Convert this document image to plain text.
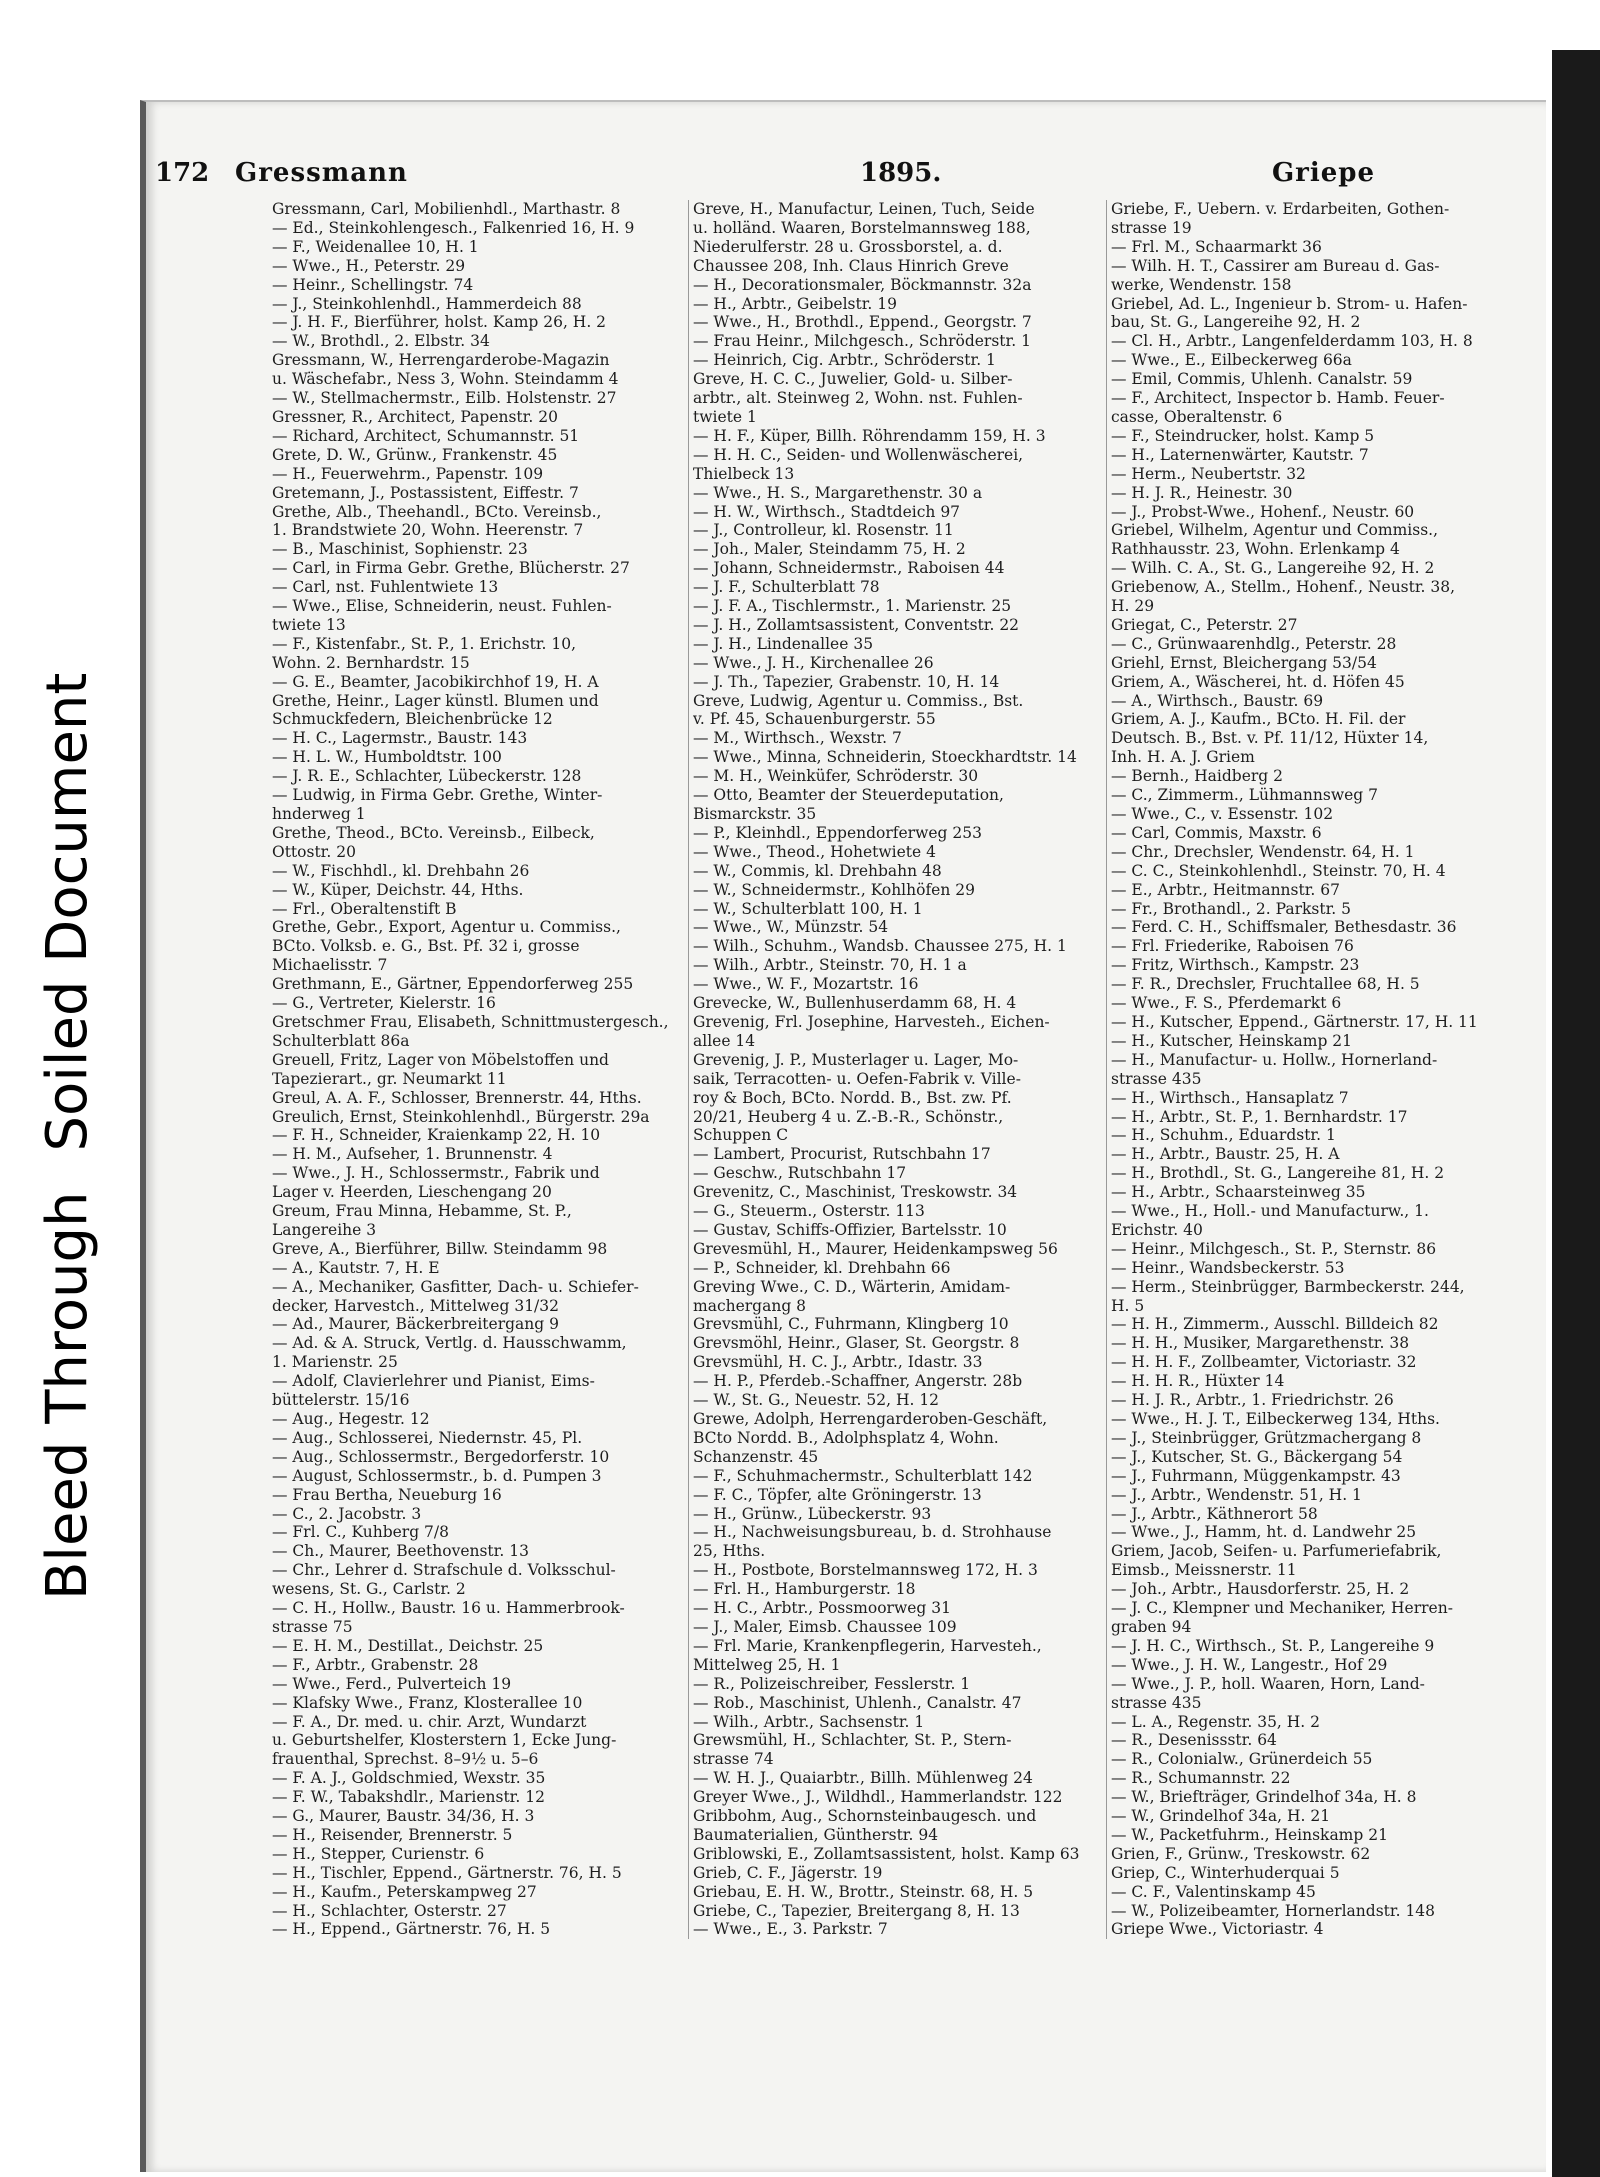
Bleed Through
Soiled Document
172 Gressmann	1895.	Griepe
Gressmann, Carl, Mobilienhdl., Marthastr. 8
— Ed., Steinkohlengesch., Falkenried 16, H. 9
— F., Weidenallee 10, H. 1
— Wwe., H., Peterstr. 29
— Heinr., Schellingstr. 74
— J., Steinkohlenhdl., Hammerdeich 88
— J. H. F., Bierführer, holst. Kamp 26, H. 2
— W., Brothdl., 2. Elbstr. 34
Gressmann, W., Herrengarderobe-Magazin
u. Wäschefabr., Ness 3, Wohn. Steindamm 4
— W., Stellmachermstr., Eilb. Holstenstr. 27
Gressner, R., Architect, Papenstr. 20
— Richard, Architect, Schumannstr. 51
Grete, D. W., Grünw., Frankenstr. 45
— H., Feuerwehrm., Papenstr. 109
Gretemann, J., Postassistent, Eiffestr. 7
Grethe, Alb., Theehandl., BCto. Vereinsb.,
1. Brandstwiete 20, Wohn. Heerenstr. 7
— B., Maschinist, Sophienstr. 23
— Carl, in Firma Gebr. Grethe, Blücherstr. 27
— Carl, nst. Fuhlentwiete 13
— Wwe., Elise, Schneiderin, neust. Fuhlen-
twiete 13
— F., Kistenfabr., St. P., 1. Erichstr. 10,
Wohn. 2. Bernhardstr. 15
— G. E., Beamter, Jacobikirchhof 19, H. A
Grethe, Heinr., Lager künstl. Blumen und
Schmuckfedern, Bleichenbrücke 12
— H. C., Lagermstr., Baustr. 143
— H. L. W., Humboldtstr. 100
— J. R. E., Schlachter, Lübeckerstr. 128
— Ludwig, in Firma Gebr. Grethe, Winter-
hnderweg 1
Grethe, Theod., BCto. Vereinsb., Eilbeck,
Ottostr. 20
— W., Fischhdl., kl. Drehbahn 26
— W., Küper, Deichstr. 44, Hths.
— Frl., Oberaltenstift B
Grethe, Gebr., Export, Agentur u. Commiss.,
BCto. Volksb. e. G., Bst. Pf. 32 i, grosse
Michaelisstr. 7
Grethmann, E., Gärtner, Eppendorferweg 255
— G., Vertreter, Kielerstr. 16
Gretschmer Frau, Elisabeth, Schnittmustergesch.,
Schulterblatt 86a
Greuell, Fritz, Lager von Möbelstoffen und
Tapezierart., gr. Neumarkt 11
Greul, A. A. F., Schlosser, Brennerstr. 44, Hths.
Greulich, Ernst, Steinkohlenhdl., Bürgerstr. 29a
— F. H., Schneider, Kraienkamp 22, H. 10
— H. M., Aufseher, 1. Brunnenstr. 4
— Wwe., J. H., Schlossermstr., Fabrik und
Lager v. Heerden, Lieschengang 20
Greum, Frau Minna, Hebamme, St. P.,
Langereihe 3
Greve, A., Bierführer, Billw. Steindamm 98
— A., Kautstr. 7, H. E
— A., Mechaniker, Gasfitter, Dach- u. Schiefer-
decker, Harvestch., Mittelweg 31/32
— Ad., Maurer, Bäckerbreitergang 9
— Ad. & A. Struck, Vertlg. d. Hausschwamm,
1. Marienstr. 25
— Adolf, Clavierlehrer und Pianist, Eims-
büttelerstr. 15/16
— Aug., Hegestr. 12
— Aug., Schlosserei, Niedernstr. 45, Pl.
— Aug., Schlossermstr., Bergedorferstr. 10
— August, Schlossermstr., b. d. Pumpen 3
— Frau Bertha, Neueburg 16
— C., 2. Jacobstr. 3
— Frl. C., Kuhberg 7/8
— Ch., Maurer, Beethovenstr. 13
— Chr., Lehrer d. Strafschule d. Volksschul-
wesens, St. G., Carlstr. 2
— C. H., Hollw., Baustr. 16 u. Hammerbrook-
strasse 75
— E. H. M., Destillat., Deichstr. 25
— F., Arbtr., Grabenstr. 28
— Wwe., Ferd., Pulverteich 19
— Klafsky Wwe., Franz, Klosterallee 10
— F. A., Dr. med. u. chir. Arzt, Wundarzt
u. Geburtshelfer, Klosterstern 1, Ecke Jung-
frauenthal, Sprechst. 8–9½ u. 5–6
— F. A. J., Goldschmied, Wexstr. 35
— F. W., Tabakshdlr., Marienstr. 12
— G., Maurer, Baustr. 34/36, H. 3
— H., Reisender, Brennerstr. 5
— H., Stepper, Curienstr. 6
— H., Tischler, Eppend., Gärtnerstr. 76, H. 5
— H., Kaufm., Peterskampweg 27
— H., Schlachter, Osterstr. 27
— H., Eppend., Gärtnerstr. 76, H. 5
Greve, H., Manufactur, Leinen, Tuch, Seide
u. holländ. Waaren, Borstelmannsweg 188,
Niederulferstr. 28 u. Grossborstel, a. d.
Chaussee 208, Inh. Claus Hinrich Greve
— H., Decorationsmaler, Böckmannstr. 32a
— H., Arbtr., Geibelstr. 19
— Wwe., H., Brothdl., Eppend., Georgstr. 7
— Frau Heinr., Milchgesch., Schröderstr. 1
— Heinrich, Cig. Arbtr., Schröderstr. 1
Greve, H. C. C., Juwelier, Gold- u. Silber-
arbtr., alt. Steinweg 2, Wohn. nst. Fuhlen-
twiete 1
— H. F., Küper, Billh. Röhrendamm 159, H. 3
— H. H. C., Seiden- und Wollenwäscherei,
Thielbeck 13
— Wwe., H. S., Margarethenstr. 30 a
— H. W., Wirthsch., Stadtdeich 97
— J., Controlleur, kl. Rosenstr. 11
— Joh., Maler, Steindamm 75, H. 2
— Johann, Schneidermstr., Raboisen 44
— J. F., Schulterblatt 78
— J. F. A., Tischlermstr., 1. Marienstr. 25
— J. H., Zollamtsassistent, Conventstr. 22
— J. H., Lindenallee 35
— Wwe., J. H., Kirchenallee 26
— J. Th., Tapezier, Grabenstr. 10, H. 14
Greve, Ludwig, Agentur u. Commiss., Bst.
v. Pf. 45, Schauenburgerstr. 55
— M., Wirthsch., Wexstr. 7
— Wwe., Minna, Schneiderin, Stoeckhardtstr. 14
— M. H., Weinküfer, Schröderstr. 30
— Otto, Beamter der Steuerdeputation,
Bismarckstr. 35
— P., Kleinhdl., Eppendorferweg 253
— Wwe., Theod., Hohetwiete 4
— W., Commis, kl. Drehbahn 48
— W., Schneidermstr., Kohlhöfen 29
— W., Schulterblatt 100, H. 1
— Wwe., W., Münzstr. 54
— Wilh., Schuhm., Wandsb. Chaussee 275, H. 1
— Wilh., Arbtr., Steinstr. 70, H. 1 a
— Wwe., W. F., Mozartstr. 16
Grevecke, W., Bullenhuserdamm 68, H. 4
Grevenig, Frl. Josephine, Harvesteh., Eichen-
allee 14
Grevenig, J. P., Musterlager u. Lager, Mo-
saik, Terracotten- u. Oefen-Fabrik v. Ville-
roy & Boch, BCto. Nordd. B., Bst. zw. Pf.
20/21, Heuberg 4 u. Z.-B.-R., Schönstr.,
Schuppen C
— Lambert, Procurist, Rutschbahn 17
— Geschw., Rutschbahn 17
Grevenitz, C., Maschinist, Treskowstr. 34
— G., Steuerm., Osterstr. 113
— Gustav, Schiffs-Offizier, Bartelsstr. 10
Grevesmühl, H., Maurer, Heidenkampsweg 56
— P., Schneider, kl. Drehbahn 66
Greving Wwe., C. D., Wärterin, Amidam-
machergang 8
Grevsmühl, C., Fuhrmann, Klingberg 10
Grevsmöhl, Heinr., Glaser, St. Georgstr. 8
Grevsmühl, H. C. J., Arbtr., Idastr. 33
— H. P., Pferdeb.-Schaffner, Angerstr. 28b
— W., St. G., Neuestr. 52, H. 12
Grewe, Adolph, Herrengarderoben-Geschäft,
BCto Nordd. B., Adolphsplatz 4, Wohn.
Schanzenstr. 45
— F., Schuhmachermstr., Schulterblatt 142
— F. C., Töpfer, alte Gröningerstr. 13
— H., Grünw., Lübeckerstr. 93
— H., Nachweisungsbureau, b. d. Strohhause
25, Hths.
— H., Postbote, Borstelmannsweg 172, H. 3
— Frl. H., Hamburgerstr. 18
— H. C., Arbtr., Possmoorweg 31
— J., Maler, Eimsb. Chaussee 109
— Frl. Marie, Krankenpflegerin, Harvesteh.,
Mittelweg 25, H. 1
— R., Polizeischreiber, Fesslerstr. 1
— Rob., Maschinist, Uhlenh., Canalstr. 47
— Wilh., Arbtr., Sachsenstr. 1
Grewsmühl, H., Schlachter, St. P., Stern-
strasse 74
— W. H. J., Quaiarbtr., Billh. Mühlenweg 24
Greyer Wwe., J., Wildhdl., Hammerlandstr. 122
Gribbohm, Aug., Schornsteinbaugesch. und
Baumaterialien, Güntherstr. 94
Griblowski, E., Zollamtsassistent, holst. Kamp 63
Grieb, C. F., Jägerstr. 19
Griebau, E. H. W., Brottr., Steinstr. 68, H. 5
Griebe, C., Tapezier, Breitergang 8, H. 13
— Wwe., E., 3. Parkstr. 7
Griebe, F., Uebern. v. Erdarbeiten, Gothen-
strasse 19
— Frl. M., Schaarmarkt 36
— Wilh. H. T., Cassirer am Bureau d. Gas-
werke, Wendenstr. 158
Griebel, Ad. L., Ingenieur b. Strom- u. Hafen-
bau, St. G., Langereihe 92, H. 2
— Cl. H., Arbtr., Langenfelderdamm 103, H. 8
— Wwe., E., Eilbeckerweg 66a
— Emil, Commis, Uhlenh. Canalstr. 59
— F., Architect, Inspector b. Hamb. Feuer-
casse, Oberaltenstr. 6
— F., Steindrucker, holst. Kamp 5
— H., Laternenwärter, Kautstr. 7
— Herm., Neubertstr. 32
— H. J. R., Heinestr. 30
— J., Probst-Wwe., Hohenf., Neustr. 60
Griebel, Wilhelm, Agentur und Commiss.,
Rathhausstr. 23, Wohn. Erlenkamp 4
— Wilh. C. A., St. G., Langereihe 92, H. 2
Griebenow, A., Stellm., Hohenf., Neustr. 38,
H. 29
Griegat, C., Peterstr. 27
— C., Grünwaarenhdlg., Peterstr. 28
Griehl, Ernst, Bleichergang 53/54
Griem, A., Wäscherei, ht. d. Höfen 45
— A., Wirthsch., Baustr. 69
Griem, A. J., Kaufm., BCto. H. Fil. der
Deutsch. B., Bst. v. Pf. 11/12, Hüxter 14,
Inh. H. A. J. Griem
— Bernh., Haidberg 2
— C., Zimmerm., Lühmannsweg 7
— Wwe., C., v. Essenstr. 102
— Carl, Commis, Maxstr. 6
— Chr., Drechsler, Wendenstr. 64, H. 1
— C. C., Steinkohlenhdl., Steinstr. 70, H. 4
— E., Arbtr., Heitmannstr. 67
— Fr., Brothandl., 2. Parkstr. 5
— Ferd. C. H., Schiffsmaler, Bethesdastr. 36
— Frl. Friederike, Raboisen 76
— Fritz, Wirthsch., Kampstr. 23
— F. R., Drechsler, Fruchtallee 68, H. 5
— Wwe., F. S., Pferdemarkt 6
— H., Kutscher, Eppend., Gärtnerstr. 17, H. 11
— H., Kutscher, Heinskamp 21
— H., Manufactur- u. Hollw., Hornerland-
strasse 435
— H., Wirthsch., Hansaplatz 7
— H., Arbtr., St. P., 1. Bernhardstr. 17
— H., Schuhm., Eduardstr. 1
— H., Arbtr., Baustr. 25, H. A
— H., Brothdl., St. G., Langereihe 81, H. 2
— H., Arbtr., Schaarsteinweg 35
— Wwe., H., Holl.- und Manufacturw., 1.
Erichstr. 40
— Heinr., Milchgesch., St. P., Sternstr. 86
— Heinr., Wandsbeckerstr. 53
— Herm., Steinbrügger, Barmbeckerstr. 244,
H. 5
— H. H., Zimmerm., Ausschl. Billdeich 82
— H. H., Musiker, Margarethenstr. 38
— H. H. F., Zollbeamter, Victoriastr. 32
— H. H. R., Hüxter 14
— H. J. R., Arbtr., 1. Friedrichstr. 26
— Wwe., H. J. T., Eilbeckerweg 134, Hths.
— J., Steinbrügger, Grützmachergang 8
— J., Kutscher, St. G., Bäckergang 54
— J., Fuhrmann, Müggenkampstr. 43
— J., Arbtr., Wendenstr. 51, H. 1
— J., Arbtr., Käthnerort 58
— Wwe., J., Hamm, ht. d. Landwehr 25
Griem, Jacob, Seifen- u. Parfumeriefabrik,
Eimsb., Meissnerstr. 11
— Joh., Arbtr., Hausdorferstr. 25, H. 2
— J. C., Klempner und Mechaniker, Herren-
graben 94
— J. H. C., Wirthsch., St. P., Langereihe 9
— Wwe., J. H. W., Langestr., Hof 29
— Wwe., J. P., holl. Waaren, Horn, Land-
strasse 435
— L. A., Regenstr. 35, H. 2
— R., Desenissstr. 64
— R., Colonialw., Grünerdeich 55
— R., Schumannstr. 22
— W., Briefträger, Grindelhof 34a, H. 8
— W., Grindelhof 34a, H. 21
— W., Packetfuhrm., Heinskamp 21
Grien, F., Grünw., Treskowstr. 62
Griep, C., Winterhuderquai 5
— C. F., Valentinskamp 45
— W., Polizeibeamter, Hornerlandstr. 148
Griepe Wwe., Victoriastr. 4
